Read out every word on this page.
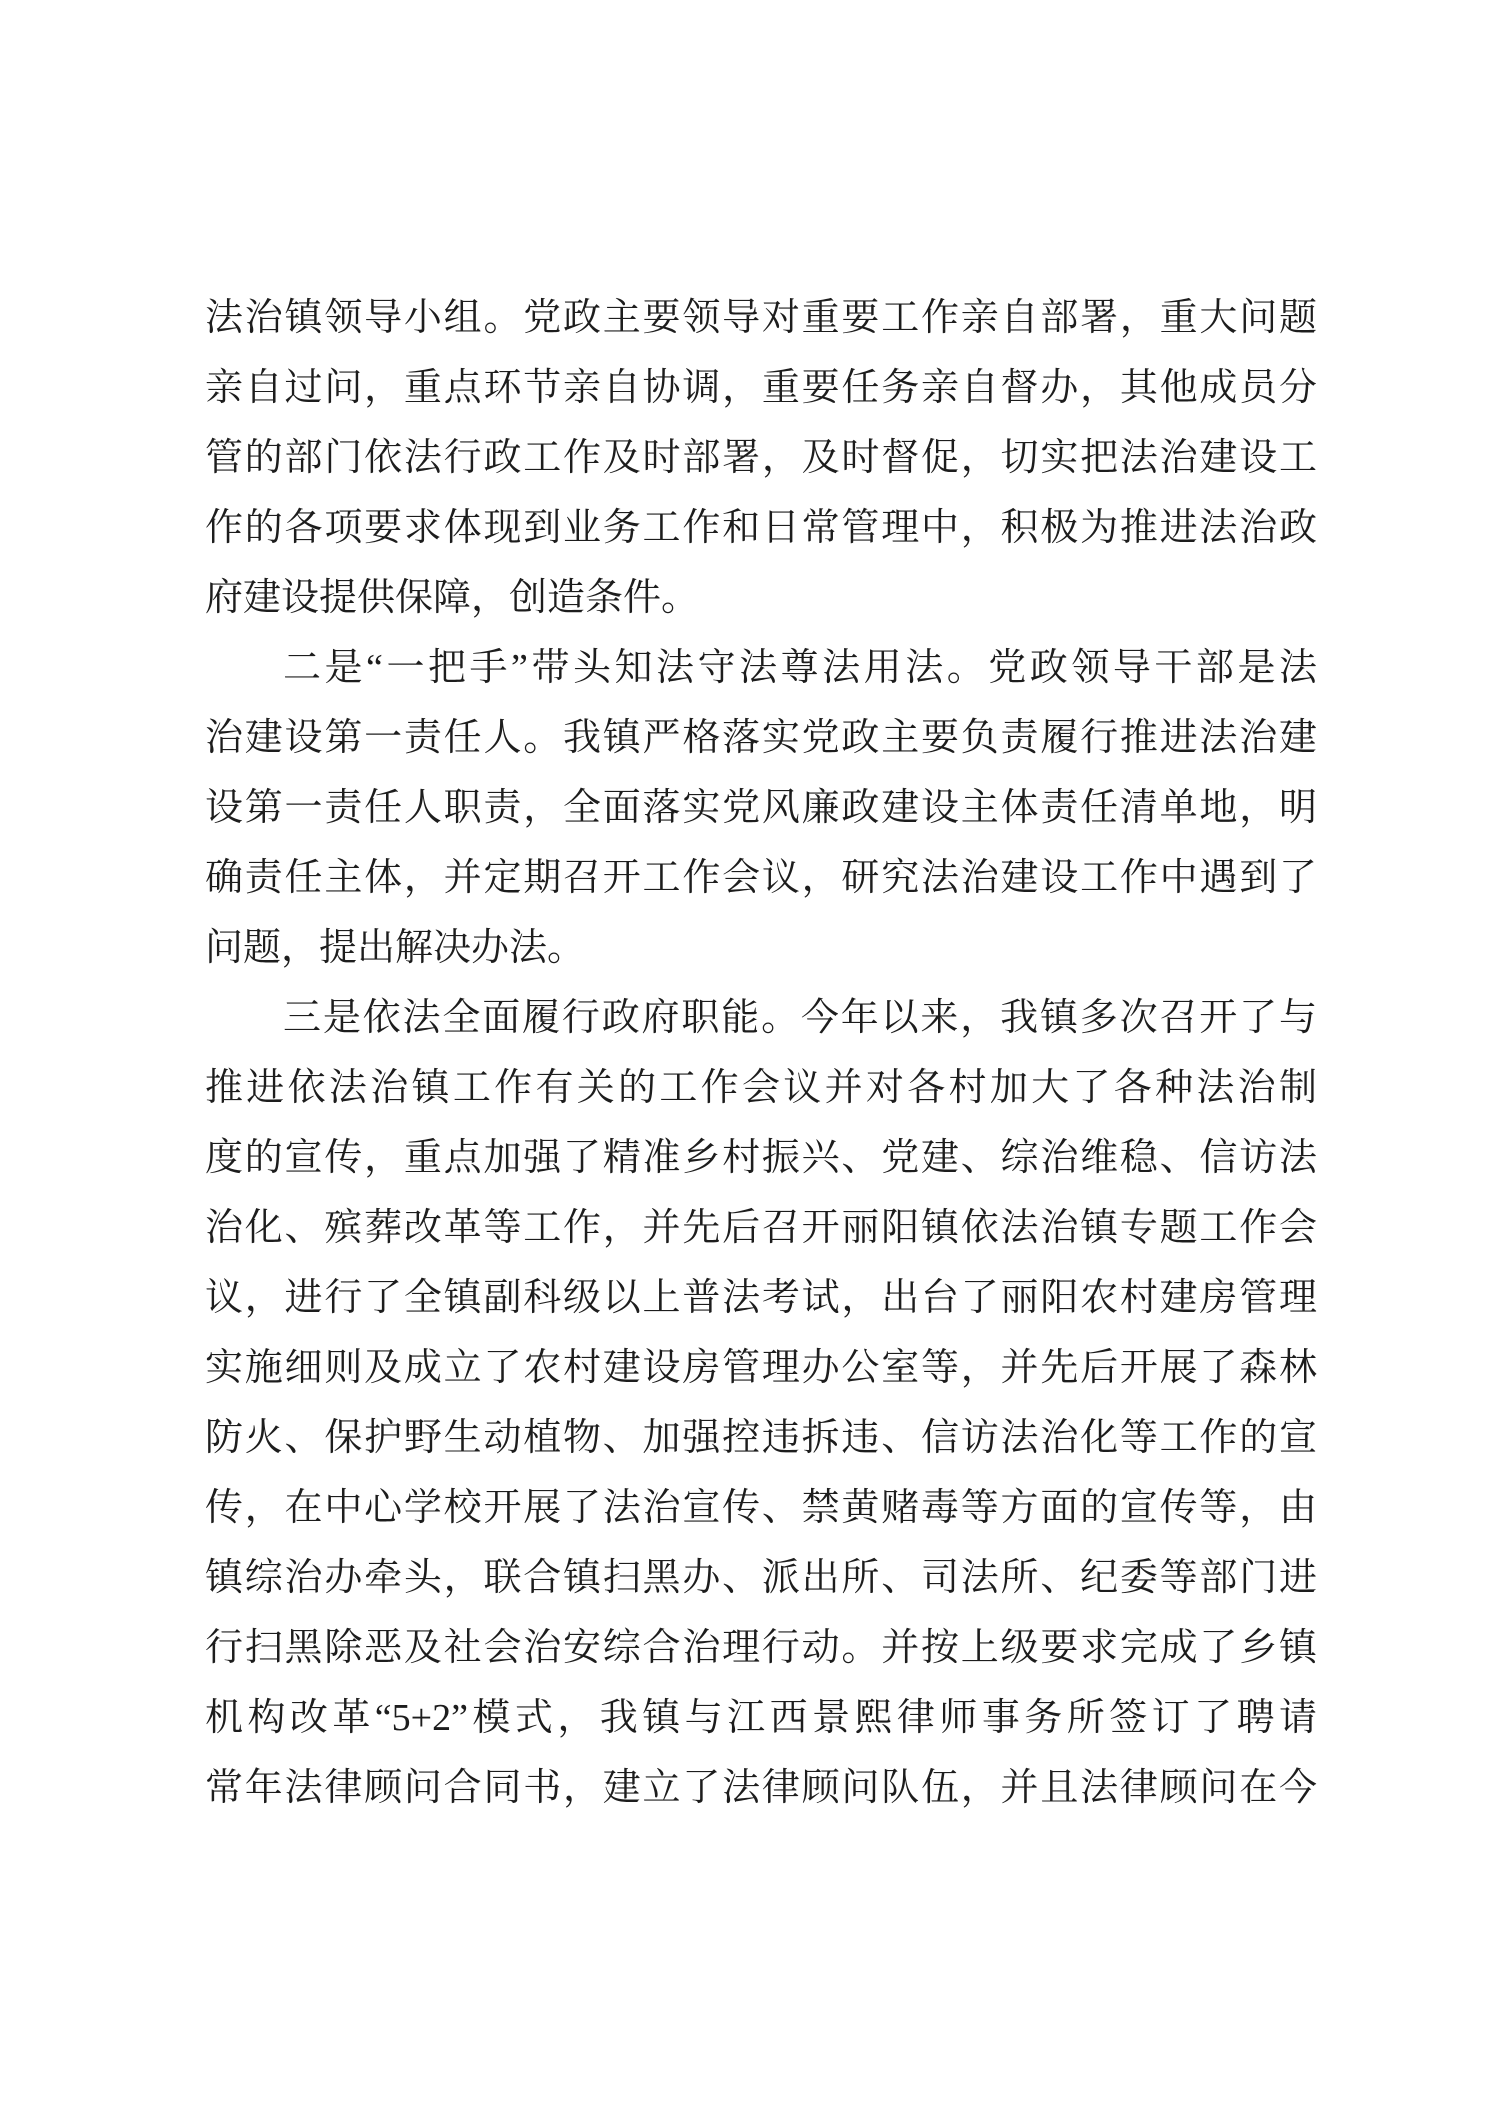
法治镇领导小组。党政主要领导对重要工作亲自部署，重大问题
亲自过问，重点环节亲自协调，重要任务亲自督办，其他成员分
管的部门依法行政工作及时部署，及时督促，切实把法治建设工
作的各项要求体现到业务工作和日常管理中，积极为推进法治政
府建设提供保障，创造条件。
二是“一把手”带头知法守法尊法用法。党政领导干部是法
治建设第一责任人。我镇严格落实党政主要负责履行推进法治建
设第一责任人职责，全面落实党风廉政建设主体责任清单地，明
确责任主体，并定期召开工作会议，研究法治建设工作中遇到了
问题，提出解决办法。
三是依法全面履行政府职能。今年以来，我镇多次召开了与
推进依法治镇工作有关的工作会议并对各村加大了各种法治制
度的宣传，重点加强了精准乡村振兴、党建、综治维稳、信访法
治化、殡葬改革等工作，并先后召开丽阳镇依法治镇专题工作会
议，进行了全镇副科级以上普法考试，出台了丽阳农村建房管理
实施细则及成立了农村建设房管理办公室等，并先后开展了森林
防火、保护野生动植物、加强控违拆违、信访法治化等工作的宣
传，在中心学校开展了法治宣传、禁黄赌毒等方面的宣传等，由
镇综治办牵头，联合镇扫黑办、派出所、司法所、纪委等部门进
行扫黑除恶及社会治安综合治理行动。并按上级要求完成了乡镇
机构改革“5+2”模式，我镇与江西景熙律师事务所签订了聘请
常年法律顾问合同书，建立了法律顾问队伍，并且法律顾问在今
